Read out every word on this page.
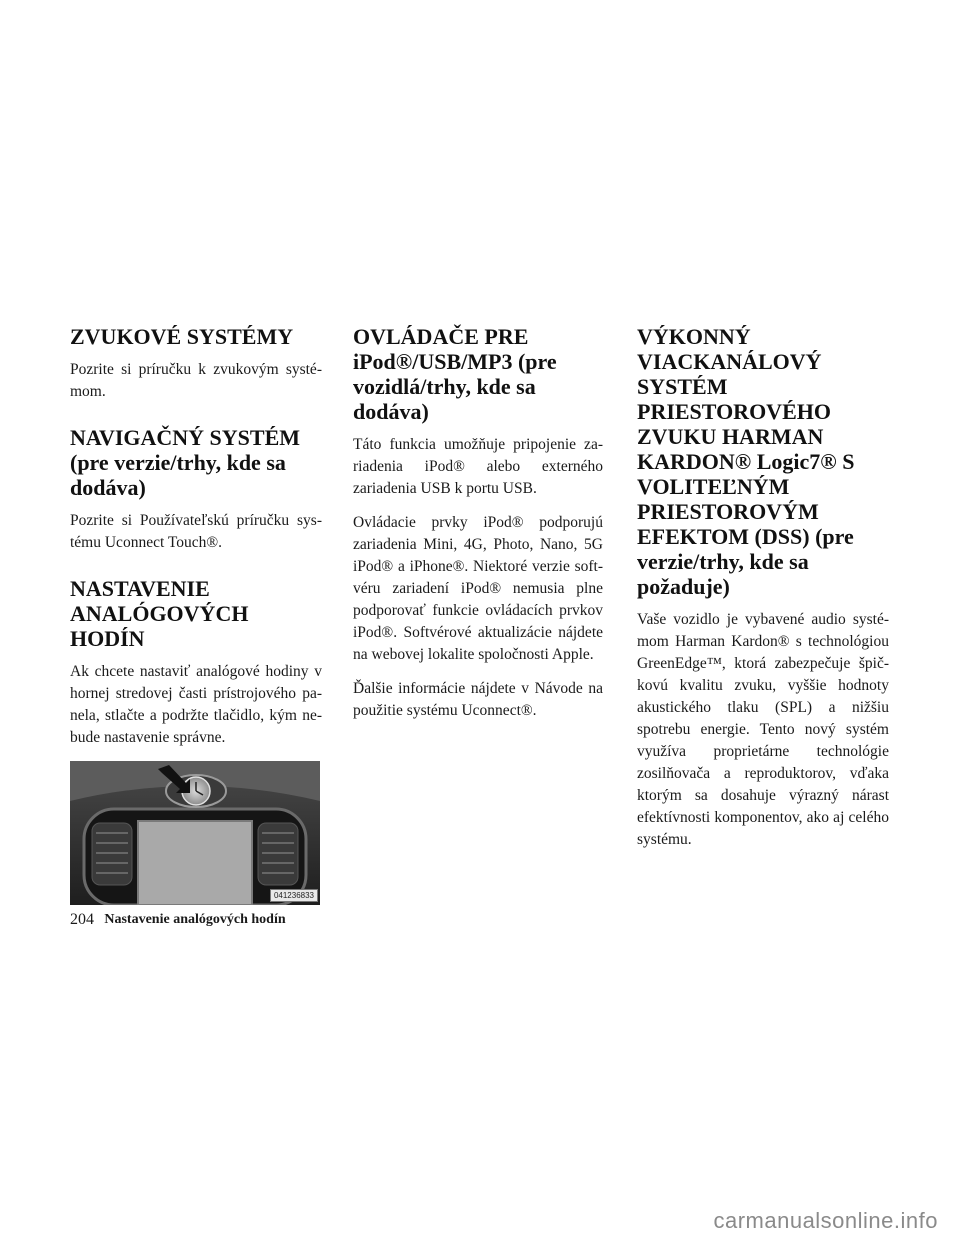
ZVUKOVÉ SYSTÉMY

Pozrite si príručku k zvukovým systémom.

NAVIGAČNÝ SYSTÉM (pre verzie/trhy, kde sa dodáva)

Pozrite si Používateľskú príručku systému Uconnect Touch®.

NASTAVENIE ANALÓGOVÝCH HODÍN

Ak chcete nastaviť analógové hodiny v hornej stredovej časti prístrojového panela, stlačte a podržte tlačidlo, kým nebude nastavenie správne.

041236833
Nastavenie analógových hodín
OVLÁDAČE PRE iPod®/USB/MP3 (pre vozidlá/trhy, kde sa dodáva)

Táto funkcia umožňuje pripojenie zariadenia iPod® alebo externého zariadenia USB k portu USB.

Ovládacie prvky iPod® podporujú zariadenia Mini, 4G, Photo, Nano, 5G iPod® a iPhone®. Niektoré verzie softvéru zariadení iPod® nemusia plne podporovať funkcie ovládacích prvkov iPod®. Softvérové aktualizácie nájdete na webovej lokalite spoločnosti Apple.

Ďalšie informácie nájdete v Návode na použitie systému Uconnect®.

VÝKONNÝ VIACKANÁLOVÝ SYSTÉM PRIESTOROVÉHO ZVUKU HARMAN KARDON® Logic7® S VOLITEĽNÝM PRIESTOROVÝM EFEKTOM (DSS) (pre verzie/trhy, kde sa požaduje)

Vaše vozidlo je vybavené audio systémom Harman Kardon® s technológiou GreenEdge™, ktorá zabezpečuje špičkovú kvalitu zvuku, vyššie hodnoty akustického tlaku (SPL) a nižšiu spotrebu energie. Tento nový systém využíva proprietárne technológie zosilňovača a reproduktorov, vďaka ktorým sa dosahuje výrazný nárast efektívnosti komponentov, ako aj celého systému.

204
carmanualsonline.info
